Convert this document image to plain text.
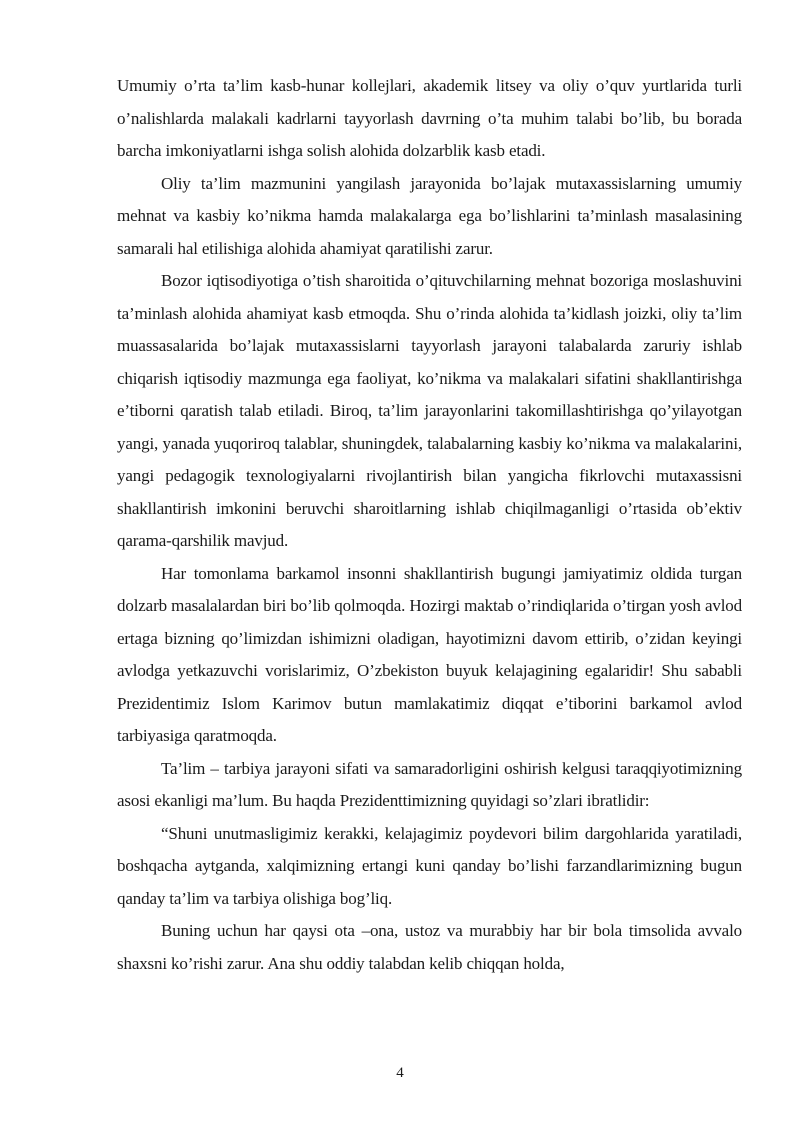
Umumiy o’rta ta’lim kasb-hunar kollejlari, akademik litsey va oliy o’quv yurtlarida turli o’nalishlarda malakali kadrlarni tayyorlash davrning o’ta muhim talabi bo’lib, bu borada barcha imkoniyatlarni ishga solish alohida dolzarblik kasb etadi.

Oliy ta’lim mazmunini yangilash jarayonida bo’lajak mutaxassislarning umumiy mehnat va kasbiy ko’nikma hamda malakalarga ega bo’lishlarini ta’minlash masalasining samarali hal etilishiga alohida ahamiyat qaratilishi zarur.

Bozor iqtisodiyotiga o’tish sharoitida o’qituvchilarning mehnat bozoriga moslashuvini ta’minlash alohida ahamiyat kasb etmoqda. Shu o’rinda alohida ta’kidlash joizki, oliy ta’lim muassasalarida bo’lajak mutaxassislarni tayyorlash jarayoni talabalarda zaruriy ishlab chiqarish iqtisodiy mazmunga ega faoliyat, ko’nikma va malakalari sifatini shakllantirishga e’tiborni qaratish talab etiladi. Biroq, ta’lim jarayonlarini takomillashtirishga qo’yilayotgan yangi, yanada yuqoriroq talablar, shuningdek, talabalarning kasbiy ko’nikma va malakalarini, yangi pedagogik texnologiyalarni rivojlantirish bilan yangicha fikrlovchi mutaxassisni shakllantirish imkonini beruvchi sharoitlarning ishlab chiqilmaganligi o’rtasida ob’ektiv qarama-qarshilik mavjud.

Har tomonlama barkamol insonni shakllantirish bugungi jamiyatimiz oldida turgan dolzarb masalalardan biri bo’lib qolmoqda. Hozirgi maktab o’rindiqlarida o’tirgan yosh avlod ertaga bizning qo’limizdan ishimizni oladigan, hayotimizni davom ettirib, o’zidan keyingi avlodga yetkazuvchi vorislarimiz, O’zbekiston buyuk kelajagining egalaridir! Shu sababli Prezidentimiz Islom Karimov butun mamlakatimiz diqqat e’tiborini barkamol avlod tarbiyasiga qaratmoqda.

Ta’lim – tarbiya jarayoni sifati va samaradorligini oshirish kelgusi taraqqiyotimizning asosi ekanligi ma’lum. Bu haqda Prezidenttimizning quyidagi so’zlari ibratlidir:

“Shuni unutmasligimiz kerakki, kelajagimiz poydevori bilim dargohlarida yaratiladi, boshqacha aytganda, xalqimizning ertangi kuni qanday bo’lishi farzandlarimizning bugun qanday ta’lim va tarbiya olishiga bog’liq.

Buning uchun har qaysi ota –ona, ustoz va murabbiy har bir bola timsolida avvalo shaxsni ko’rishi zarur. Ana shu oddiy talabdan kelib chiqqan holda,

4
